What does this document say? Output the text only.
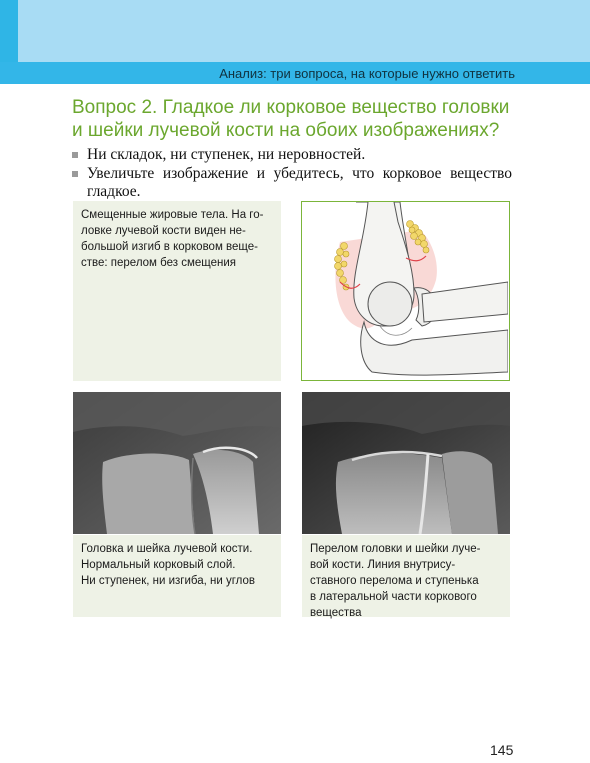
Анализ: три вопроса, на которые нужно ответить
Вопрос 2. Гладкое ли корковое вещество головки
и шейки лучевой кости на обоих изображениях?
Ни складок, ни ступенек, ни неровностей.
Увеличьте изображение и убедитесь, что корковое вещество гладкое.
Смещенные жировые тела. На го-
ловке лучевой кости виден не-
большой изгиб в корковом веще-
стве: перелом без смещения
Головка и шейка лучевой кости.
Нормальный корковый слой.
Ни ступенек, ни изгиба, ни углов
Перелом головки и шейки луче-
вой кости. Линия внутрису-
ставного перелома и ступенька
в латеральной части коркового
вещества
145
